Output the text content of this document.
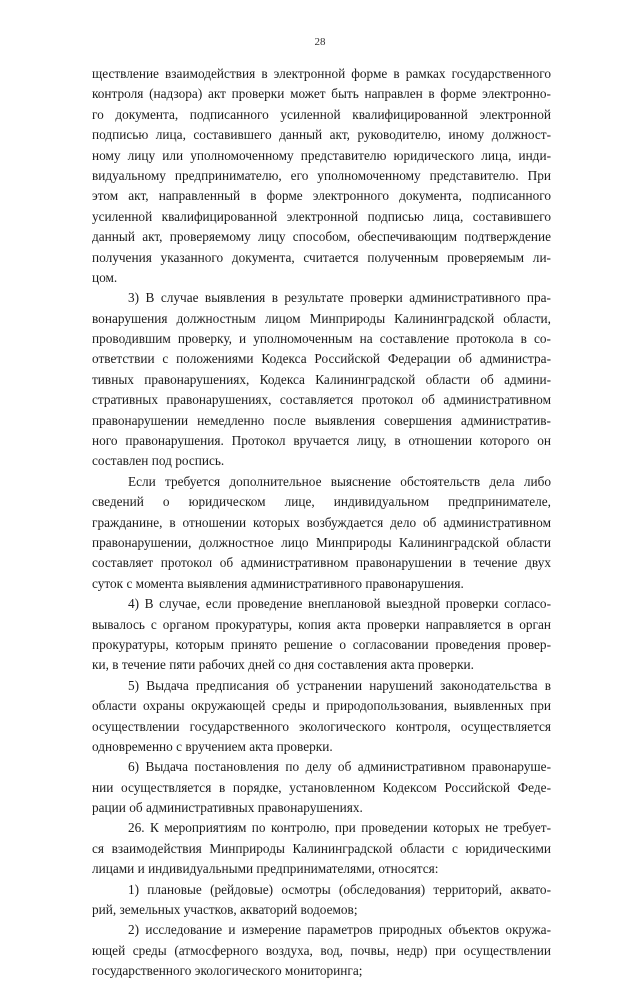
28
ществление взаимодействия в электронной форме в рамках государственного
контроля (надзора) акт проверки может быть направлен в форме электронно-
го документа, подписанного усиленной квалифицированной электронной
подписью лица, составившего данный акт, руководителю, иному должност-
ному лицу или уполномоченному представителю юридического лица, инди-
видуальному предпринимателю, его уполномоченному представителю. При
этом акт, направленный в форме электронного документа, подписанного
усиленной квалифицированной электронной подписью лица, составившего
данный акт, проверяемому лицу способом, обеспечивающим подтверждение
получения указанного документа, считается полученным проверяемым ли-
цом.
3) В случае выявления в результате проверки административного пра-
вонарушения должностным лицом Минприроды Калининградской области,
проводившим проверку, и уполномоченным на составление протокола в со-
ответствии с положениями Кодекса Российской Федерации об администра-
тивных правонарушениях, Кодекса Калининградской области об админи-
стративных правонарушениях, составляется протокол об административном
правонарушении немедленно после выявления совершения административ-
ного правонарушения. Протокол вручается лицу, в отношении которого он
составлен под роспись.
Если требуется дополнительное выяснение обстоятельств дела либо
сведений о юридическом лице, индивидуальном предпринимателе,
гражданине, в отношении которых возбуждается дело об административном
правонарушении, должностное лицо Минприроды Калининградской области
составляет протокол об административном правонарушении в течение двух
суток с момента выявления административного правонарушения.
4) В случае, если проведение внеплановой выездной проверки согласо-
вывалось с органом прокуратуры, копия акта проверки направляется в орган
прокуратуры, которым принято решение о согласовании проведения провер-
ки, в течение пяти рабочих дней со дня составления акта проверки.
5) Выдача предписания об устранении нарушений законодательства в
области охраны окружающей среды и природопользования, выявленных при
осуществлении государственного экологического контроля, осуществляется
одновременно с вручением акта проверки.
6) Выдача постановления по делу об административном правонаруше-
нии осуществляется в порядке, установленном Кодексом Российской Феде-
рации об административных правонарушениях.
26. К мероприятиям по контролю, при проведении которых не требует-
ся взаимодействия Минприроды Калининградской области с юридическими
лицами и индивидуальными предпринимателями, относятся:
1) плановые (рейдовые) осмотры (обследования) территорий, аквато-
рий, земельных участков, акваторий водоемов;
2) исследование и измерение параметров природных объектов окружа-
ющей среды (атмосферного воздуха, вод, почвы, недр) при осуществлении
государственного экологического мониторинга;
